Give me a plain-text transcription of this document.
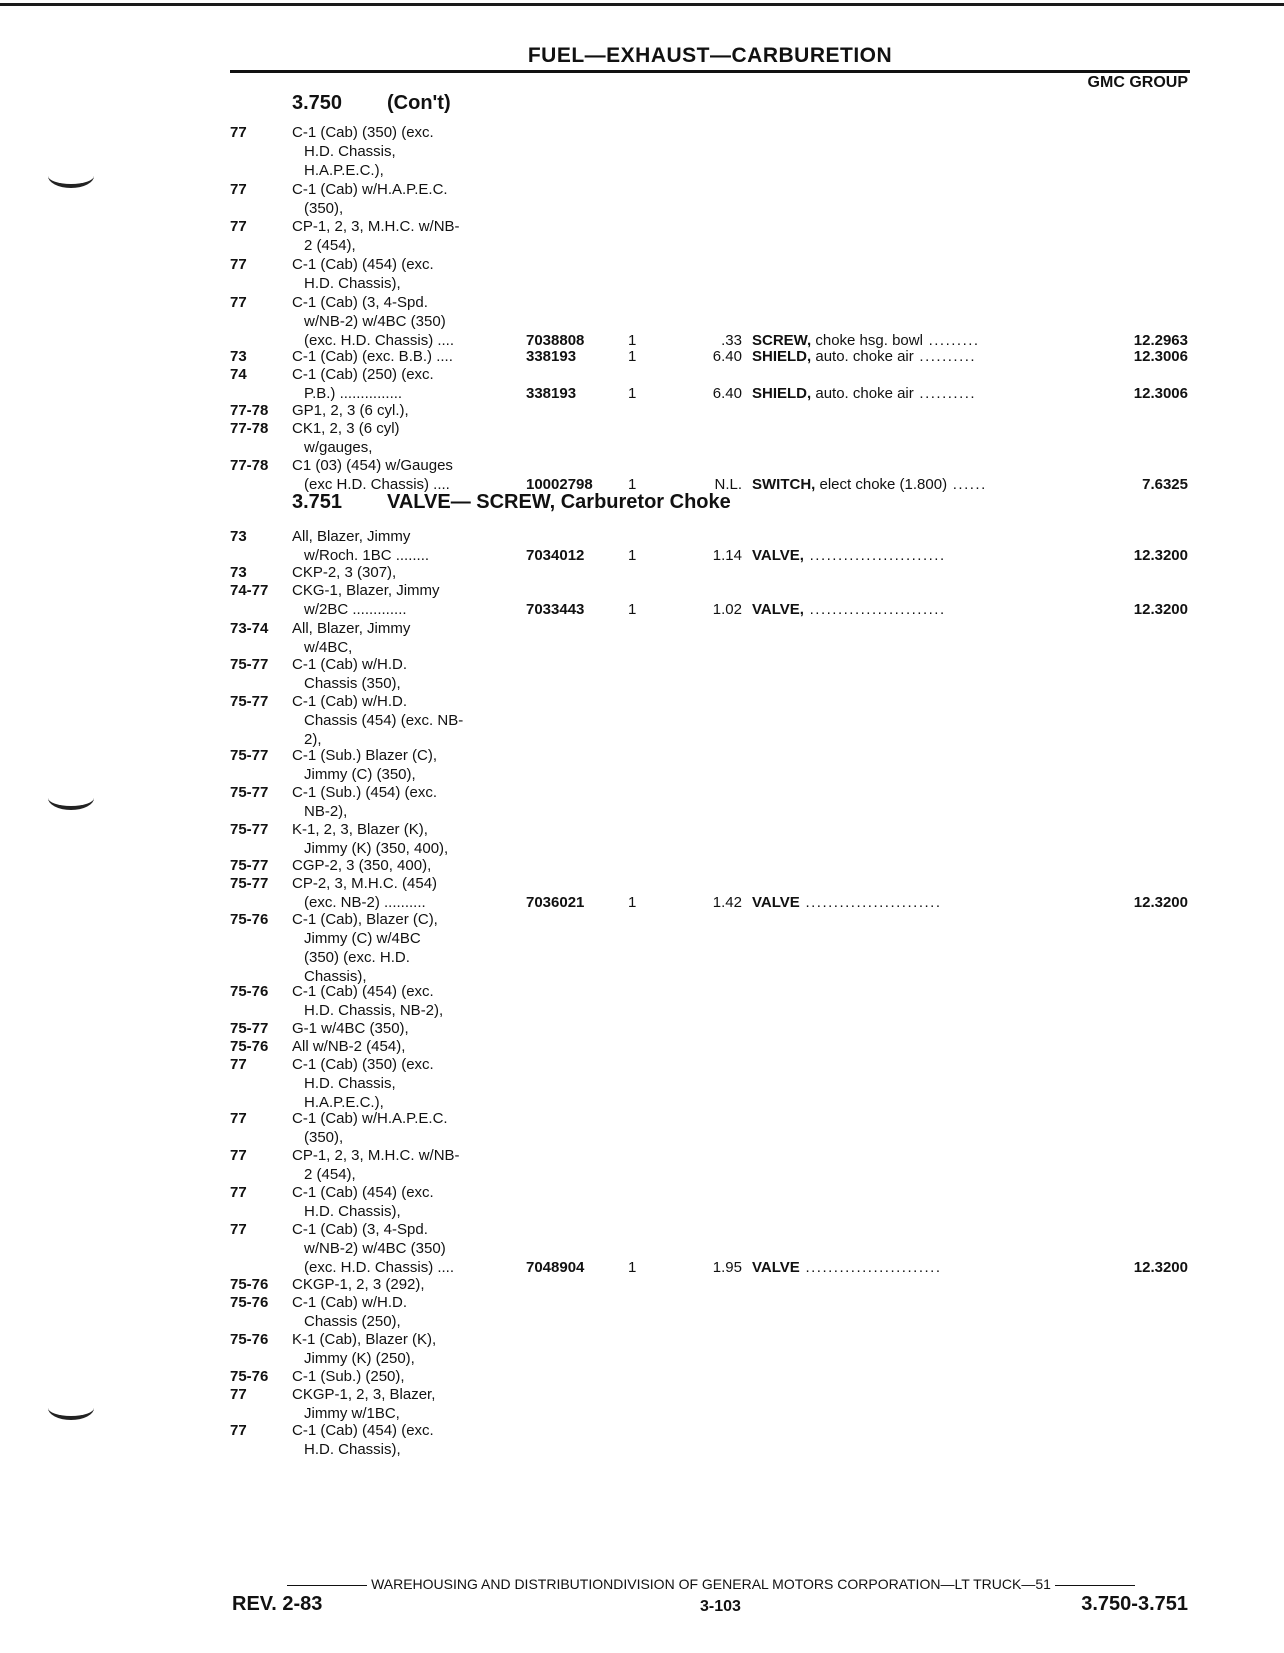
FUEL—EXHAUST—CARBURETION
GMC GROUP
3.750 (Con't)
3.751 VALVE— SCREW, Carburetor Choke
77	C-1 (Cab) (350) (exc.
H.D. Chassis,
H.A.P.E.C.),
77	C-1 (Cab) w/H.A.P.E.C.
(350),
77	CP-1, 2, 3, M.H.C. w/NB-
2 (454),
77	C-1 (Cab) (454) (exc.
H.D. Chassis),
77	C-1 (Cab) (3, 4-Spd.
w/NB-2) w/4BC (350)
(exc. H.D. Chassis) ....	7038808	1	.33 SCREW, choke hsg. bowl .........	12.2963
73	C-1 (Cab) (exc. B.B.) ....	338193	1	6.40 SHIELD, auto. choke air ..........	12.3006
74	C-1 (Cab) (250) (exc.
P.B.) ...............	338193	1	6.40 SHIELD, auto. choke air ..........	12.3006
77-78 GP1, 2, 3 (6 cyl.),
77-78 CK1, 2, 3 (6 cyl)
w/gauges,
77-78 C1 (03) (454) w/Gauges
(exc H.D. Chassis) ....	10002798 1	N.L. SWITCH, elect choke (1.800) ......	7.6325
73	All, Blazer, Jimmy
w/Roch. 1BC ........	7034012	1	1.14 VALVE, ........................	12.3200
73	CKP-2, 3 (307),
74-77 CKG-1, Blazer, Jimmy
w/2BC .............	7033443	1	1.02 VALVE, ........................	12.3200
73-74 All, Blazer, Jimmy
w/4BC,
75-77 C-1 (Cab) w/H.D.
Chassis (350),
75-77 C-1 (Cab) w/H.D.
Chassis (454) (exc. NB-
2),
75-77 C-1 (Sub.) Blazer (C),
Jimmy (C) (350),
75-77 C-1 (Sub.) (454) (exc.
NB-2),
75-77 K-1, 2, 3, Blazer (K),
Jimmy (K) (350, 400),
75-77 CGP-2, 3 (350, 400),
75-77 CP-2, 3, M.H.C. (454)
(exc. NB-2) ..........	7036021	1	1.42 VALVE ........................	12.3200
75-76 C-1 (Cab), Blazer (C),
Jimmy (C) w/4BC
(350) (exc. H.D.
Chassis),
75-76 C-1 (Cab) (454) (exc.
H.D. Chassis, NB-2),
75-77 G-1 w/4BC (350),
75-76 All w/NB-2 (454),
77	C-1 (Cab) (350) (exc.
H.D. Chassis,
H.A.P.E.C.),
77	C-1 (Cab) w/H.A.P.E.C.
(350),
77	CP-1, 2, 3, M.H.C. w/NB-
2 (454),
77	C-1 (Cab) (454) (exc.
H.D. Chassis),
77	C-1 (Cab) (3, 4-Spd.
w/NB-2) w/4BC (350)
(exc. H.D. Chassis) ....	7048904	1	1.95 VALVE ........................	12.3200
75-76 CKGP-1, 2, 3 (292),
75-76 C-1 (Cab) w/H.D.
Chassis (250),
75-76 K-1 (Cab), Blazer (K),
Jimmy (K) (250),
75-76 C-1 (Sub.) (250),
77	CKGP-1, 2, 3, Blazer,
Jimmy w/1BC,
77	C-1 (Cab) (454) (exc.
H.D. Chassis),
WAREHOUSING AND DISTRIBUTIONDIVISION OF GENERAL MOTORS CORPORATION—LT TRUCK—51
REV. 2-83	3-103	3.750-3.751
